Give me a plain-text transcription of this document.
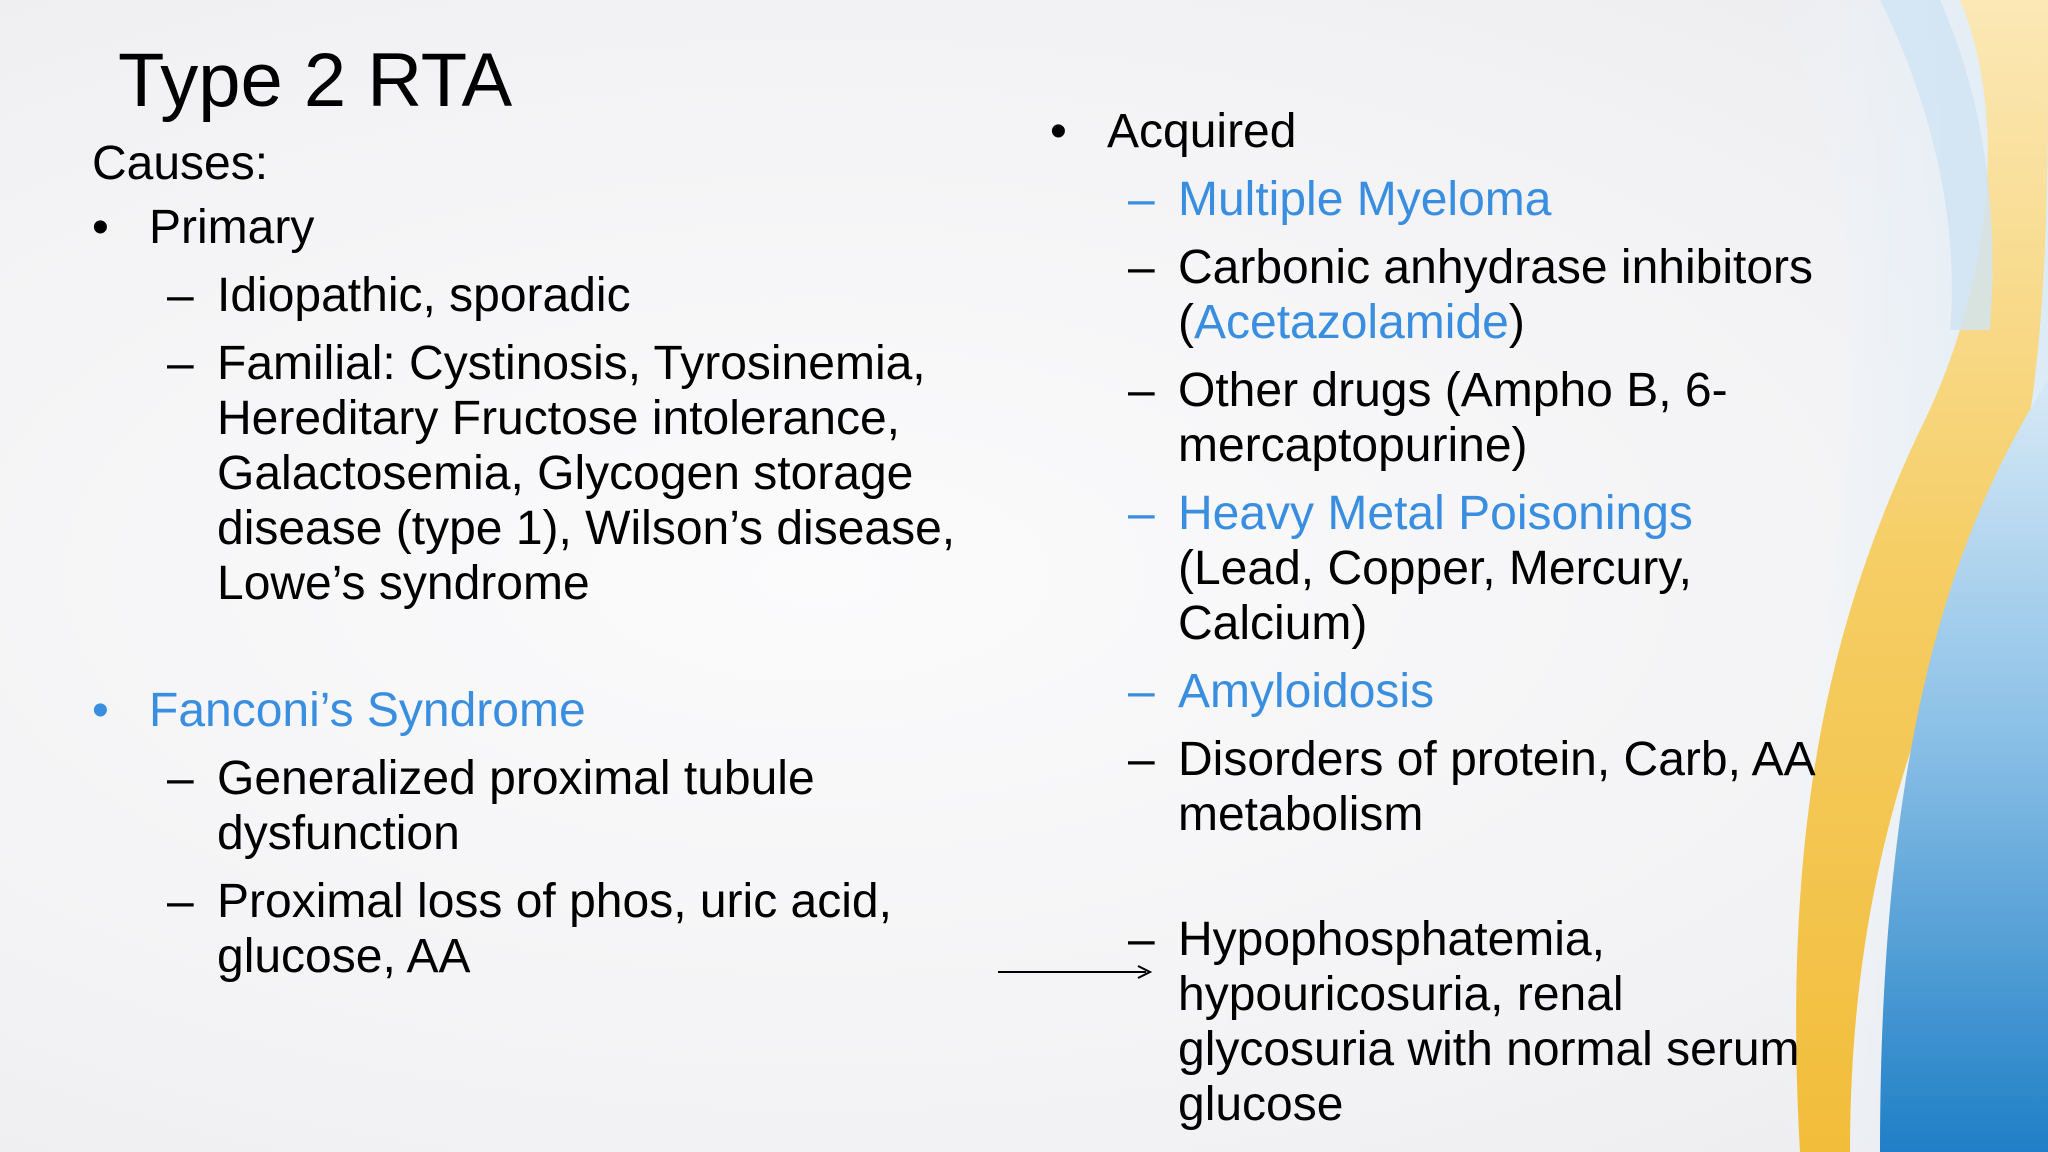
Type 2 RTA
Causes:
• Primary
– Idiopathic, sporadic
– Familial: Cystinosis, Tyrosinemia,
Hereditary Fructose intolerance,
Galactosemia, Glycogen storage
disease (type 1), Wilson’s disease,
Lowe’s syndrome
• Fanconi’s Syndrome
– Generalized proximal tubule
dysfunction
– Proximal loss of phos, uric acid,
glucose, AA
• Acquired
– Multiple Myeloma
– Carbonic anhydrase inhibitors
(Acetazolamide)
– Other drugs (Ampho B, 6-
mercaptopurine)
– Heavy Metal Poisonings
(Lead, Copper, Mercury,
Calcium)
– Amyloidosis
– Disorders of protein, Carb, AA
metabolism
– Hypophosphatemia,
hypouricosuria, renal
glycosuria with normal serum
glucose
